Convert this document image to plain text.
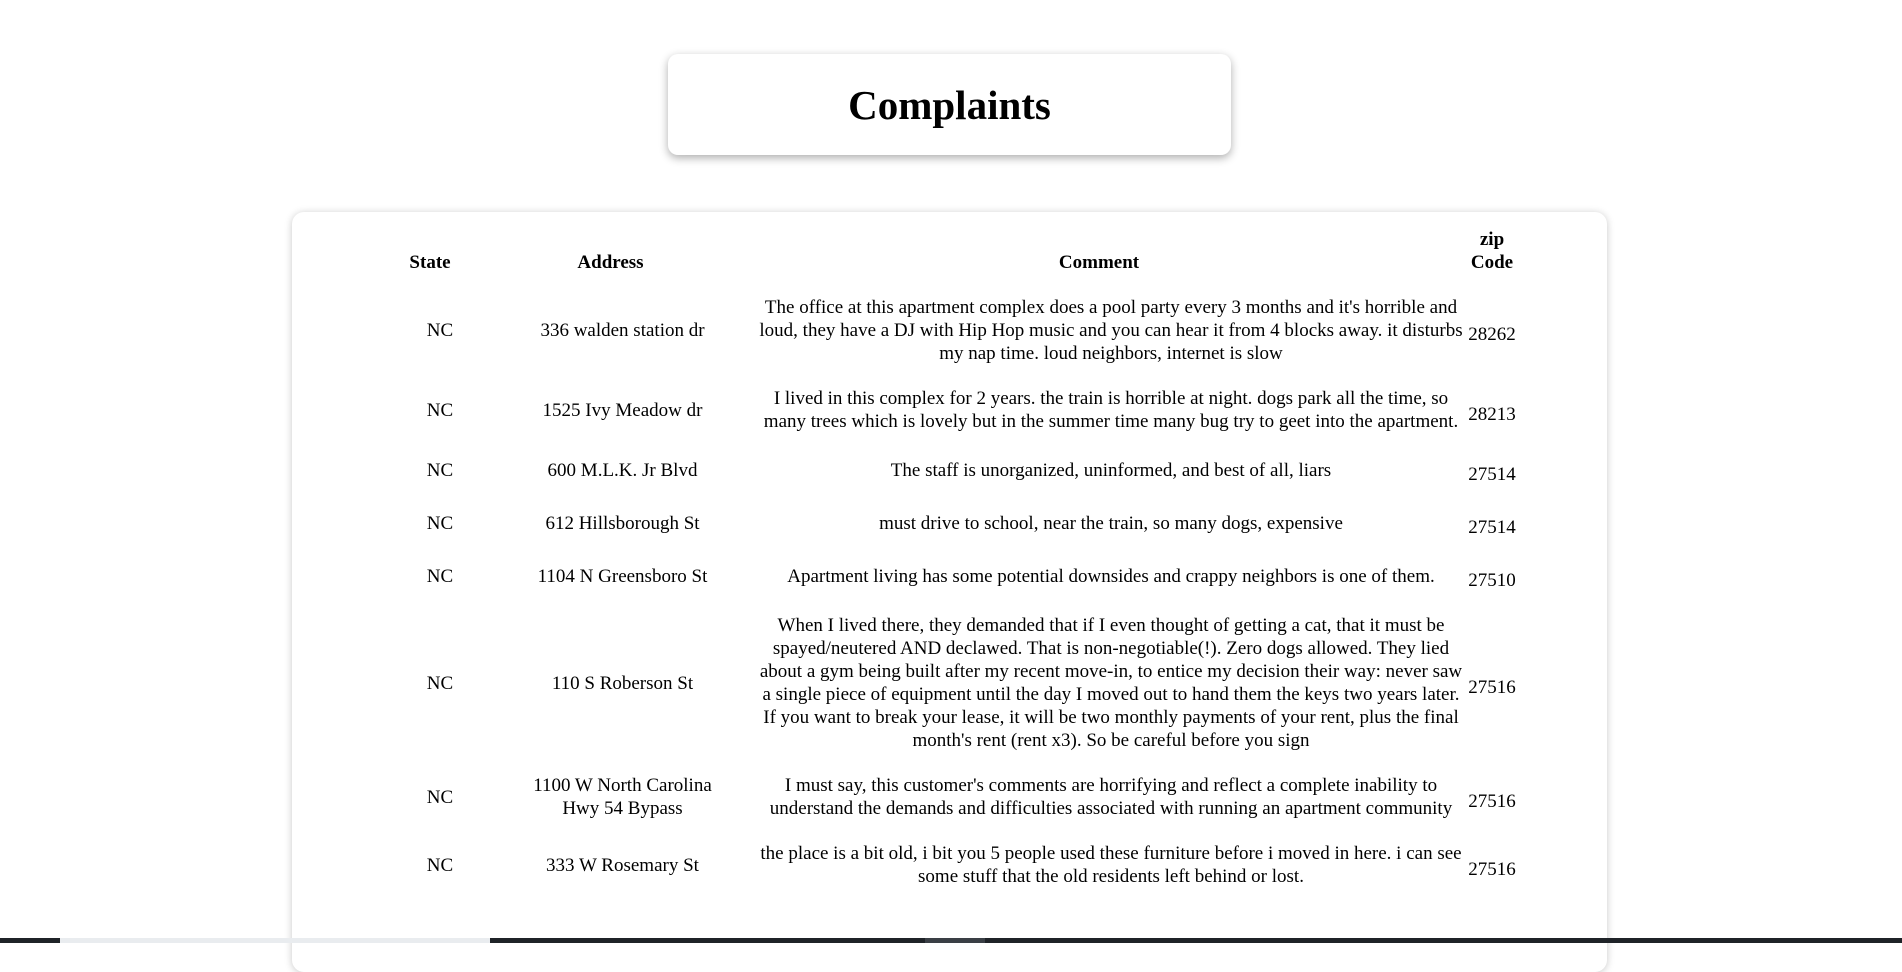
Complaints
State	Address	Comment	zip Code
NC	336 walden station dr	The office at this apartment complex does a pool party every 3 months and it's horrible and loud, they have a DJ with Hip Hop music and you can hear it from 4 blocks away. it disturbs my nap time. loud neighbors, internet is slow	28262
NC	1525 Ivy Meadow dr	I lived in this complex for 2 years. the train is horrible at night. dogs park all the time, so many trees which is lovely but in the summer time many bug try to geet into the apartment.	28213
NC	600 M.L.K. Jr Blvd	The staff is unorganized, uninformed, and best of all, liars	27514
NC	612 Hillsborough St	must drive to school, near the train, so many dogs, expensive	27514
NC	1104 N Greensboro St	Apartment living has some potential downsides and crappy neighbors is one of them.	27510
NC	110 S Roberson St	When I lived there, they demanded that if I even thought of getting a cat, that it must be spayed/neutered AND declawed. That is non-negotiable(!). Zero dogs allowed. They lied about a gym being built after my recent move-in, to entice my decision their way: never saw a single piece of equipment until the day I moved out to hand them the keys two years later. If you want to break your lease, it will be two monthly payments of your rent, plus the final month's rent (rent x3). So be careful before you sign	27516
NC	1100 W North Carolina Hwy 54 Bypass	I must say, this customer's comments are horrifying and reflect a complete inability to understand the demands and difficulties associated with running an apartment community	27516
NC	333 W Rosemary St	the place is a bit old, i bit you 5 people used these furniture before i moved in here. i can see some stuff that the old residents left behind or lost.	27516
